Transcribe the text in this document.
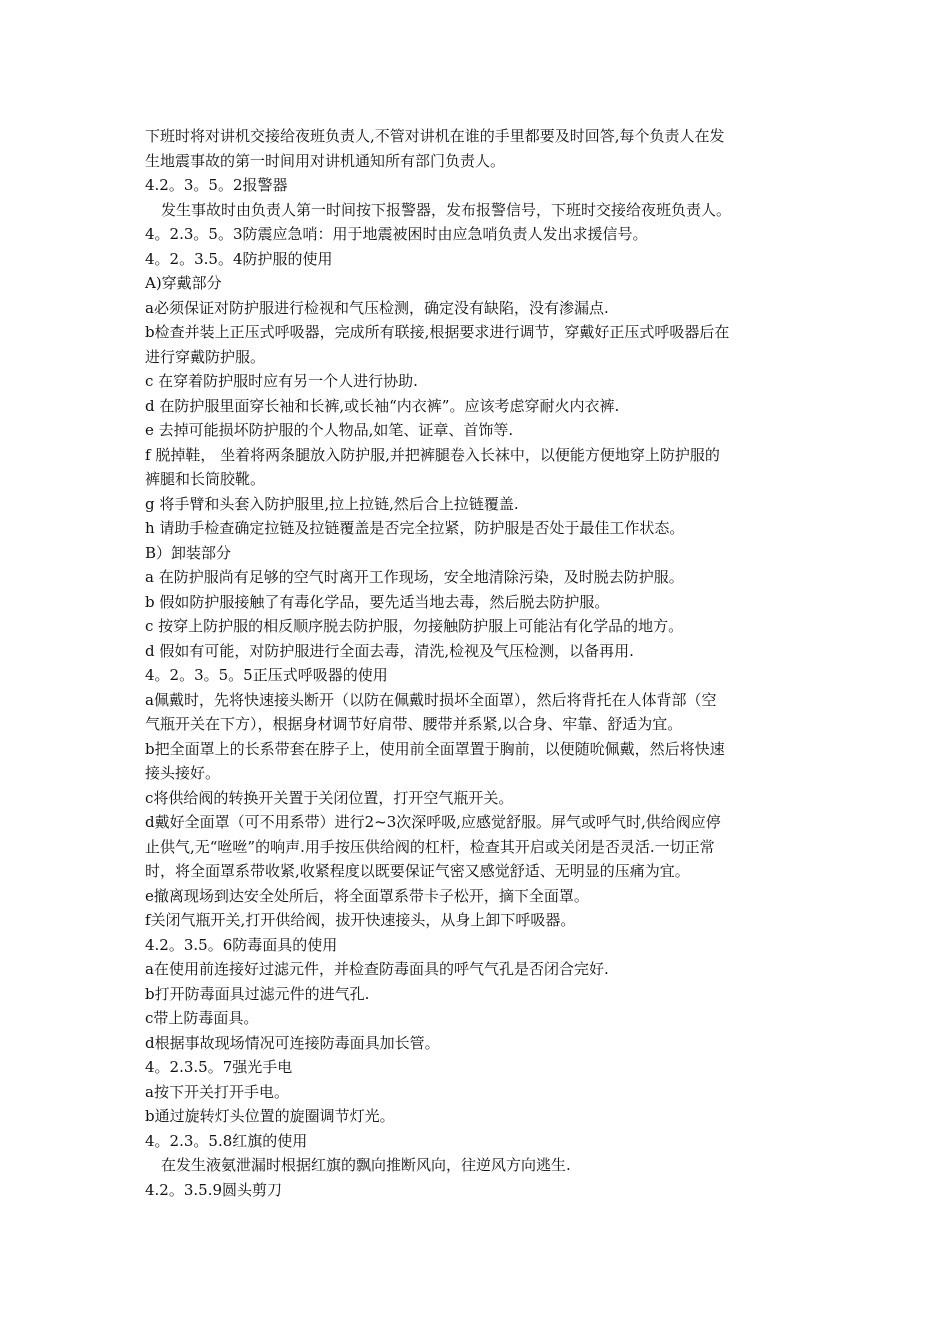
下班时将对讲机交接给夜班负责人,不管对讲机在谁的手里都要及时回答,每个负责人在发
生地震事故的第一时间用对讲机通知所有部门负责人。
4.2。3。5。2报警器
发生事故时由负责人第一时间按下报警器，发布报警信号，下班时交接给夜班负责人。
4。2.3。5。3防震应急哨：用于地震被困时由应急哨负责人发出求援信号。
4。2。3.5。4防护服的使用
A)穿戴部分
a必须保证对防护服进行检视和气压检测，确定没有缺陷，没有渗漏点.
b检查并装上正压式呼吸器，完成所有联接,根据要求进行调节，穿戴好正压式呼吸器后在
进行穿戴防护服。
c 在穿着防护服时应有另一个人进行协助.
d 在防护服里面穿长袖和长裤,或长袖“内衣裤”。应该考虑穿耐火内衣裤.
e 去掉可能损坏防护服的个人物品,如笔、证章、首饰等.
f 脱掉鞋， 坐着将两条腿放入防护服,并把裤腿卷入长袜中，以便能方便地穿上防护服的
裤腿和长筒胶靴。
g 将手臂和头套入防护服里,拉上拉链,然后合上拉链覆盖.
h 请助手检查确定拉链及拉链覆盖是否完全拉紧，防护服是否处于最佳工作状态。
B）卸装部分
a 在防护服尚有足够的空气时离开工作现场，安全地清除污染，及时脱去防护服。
b 假如防护服接触了有毒化学品，要先适当地去毒，然后脱去防护服。
c 按穿上防护服的相反顺序脱去防护服，勿接触防护服上可能沾有化学品的地方。
d 假如有可能，对防护服进行全面去毒，清洗,检视及气压检测，以备再用.
4。2。3。5。5正压式呼吸器的使用
a佩戴时，先将快速接头断开（以防在佩戴时损坏全面罩），然后将背托在人体背部（空
气瓶开关在下方），根据身材调节好肩带、腰带并系紧,以合身、牢靠、舒适为宜。
b把全面罩上的长系带套在脖子上，使用前全面罩置于胸前，以便随吮佩戴，然后将快速
接头接好。
c将供给阀的转换开关置于关闭位置，打开空气瓶开关。
d戴好全面罩（可不用系带）进行2~3次深呼吸,应感觉舒服。屏气或呼气时,供给阀应停
止供气,无“咝咝”的响声.用手按压供给阀的杠杆，检查其开启或关闭是否灵活.一切正常
时，将全面罩系带收紧,收紧程度以既要保证气密又感觉舒适、无明显的压痛为宜。
e撤离现场到达安全处所后，将全面罩系带卡子松开，摘下全面罩。
f关闭气瓶开关,打开供给阀，拔开快速接头，从身上卸下呼吸器。
4.2。3.5。6防毒面具的使用
a在使用前连接好过滤元件，并检查防毒面具的呼气气孔是否闭合完好.
b打开防毒面具过滤元件的进气孔.
c带上防毒面具。
d根据事故现场情况可连接防毒面具加长管。
4。2.3.5。7强光手电
a按下开关打开手电。
b通过旋转灯头位置的旋圈调节灯光。
4。2.3。5.8红旗的使用
在发生液氨泄漏时根据红旗的飘向推断风向，往逆风方向逃生.
4.2。3.5.9圆头剪刀
